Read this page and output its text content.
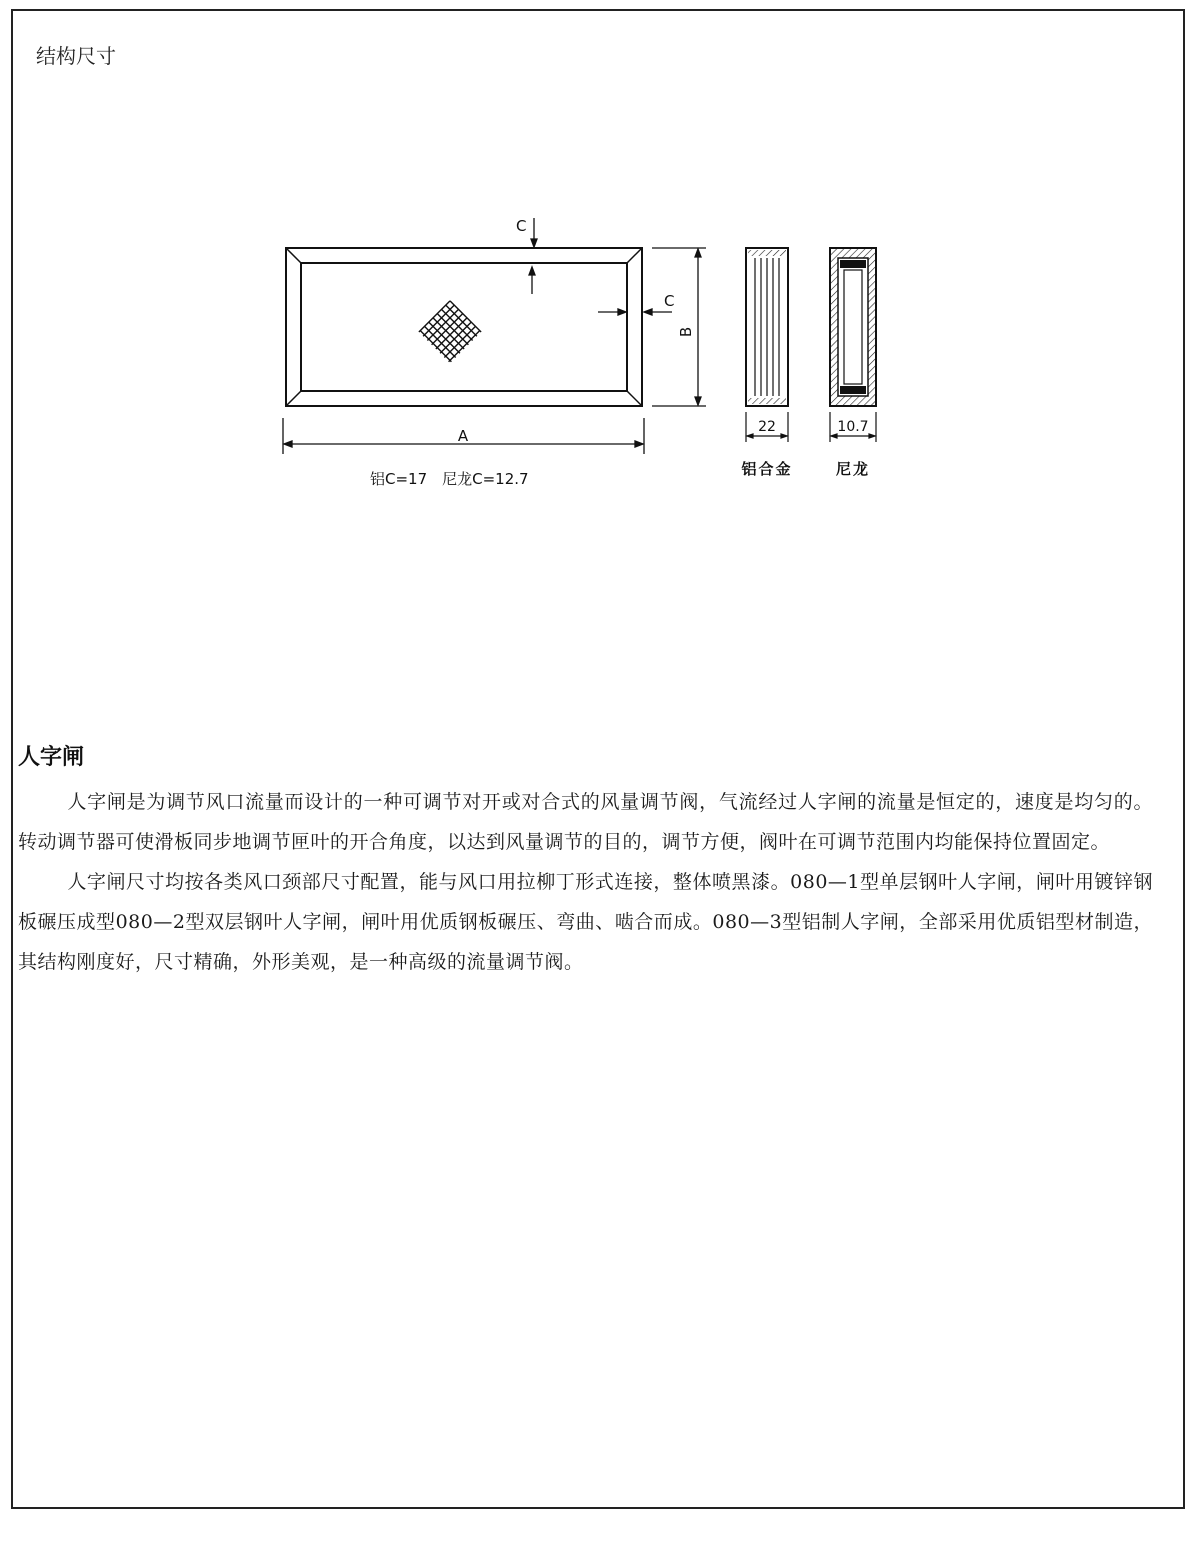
结构尺寸
C
C
B
A
铝C=17　尼龙C=12.7
22
铝合金
10.7
尼龙
人字闸

人字闸是为调节风口流量而设计的一种可调节对开或对合式的风量调节阀，气流经过人字闸的流量是恒定的，速度是均匀的。转动调节器可使滑板同步地调节匣叶的开合角度，以达到风量调节的目的，调节方便，阀叶在可调节范围内均能保持位置固定。

人字闸尺寸均按各类风口颈部尺寸配置，能与风口用拉柳丁形式连接，整体喷黑漆。080—1型单层钢叶人字闸，闸叶用镀锌钢板碾压成型080—2型双层钢叶人字闸，闸叶用优质钢板碾压、弯曲、啮合而成。080—3型铝制人字闸，全部采用优质铝型材制造，其结构刚度好，尺寸精确，外形美观，是一种高级的流量调节阀。
